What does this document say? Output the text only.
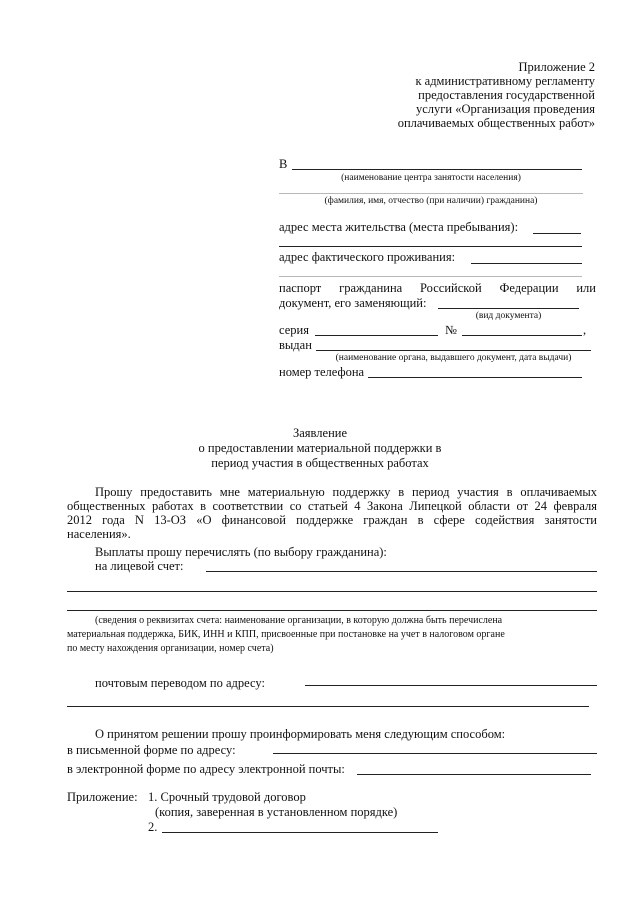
Приложение 2
к административному регламенту
предоставления государственной
услуги «Организация проведения
оплачиваемых общественных работ»
В
(наименование центра занятости населения)
(фамилия, имя, отчество (при наличии) гражданина)
адрес места жительства (места пребывания):
адрес фактического проживания:
паспорт гражданина Российской Федерации или
документ, его заменяющий:
(вид документа)
серия	№	,
выдан
(наименование органа, выдавшего документ, дата выдачи)
номер телефона
Заявление
о предоставлении материальной поддержки в
период участия в общественных работах
Прошу предоставить мне материальную поддержку в период участия в оплачиваемых
общественных работах в соответствии со статьей 4 Закона Липецкой области от 24 февраля
2012 года N 13-ОЗ «О финансовой поддержке граждан в сфере содействия занятости
населения».
Выплаты прошу перечислять (по выбору гражданина):
на лицевой счет:
(сведения о реквизитах счета: наименование организации, в которую должна быть перечислена
материальная поддержка, БИК, ИНН и КПП, присвоенные при постановке на учет в налоговом органе
по месту нахождения организации, номер счета)
почтовым переводом по адресу:
О принятом решении прошу проинформировать меня следующим способом:
в письменной форме по адресу:
в электронной форме по адресу электронной почты:
Приложение: 1. Срочный трудовой договор
(копия, заверенная в установленном порядке)
2.
